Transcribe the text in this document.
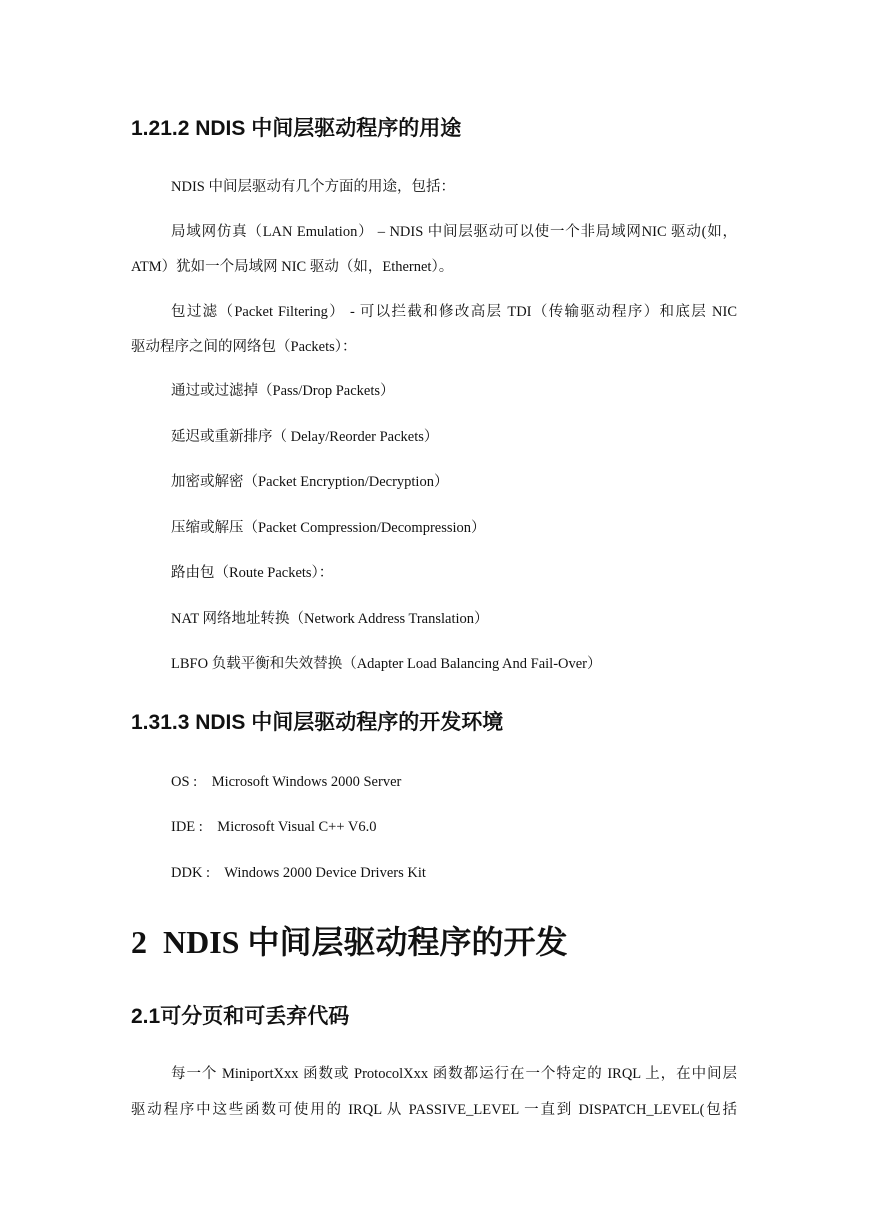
1.21.2 NDIS 中间层驱动程序的用途

NDIS 中间层驱动有几个方面的用途，包括：

局域网仿真（LAN Emulation） – NDIS 中间层驱动可以使一个非局域网NIC 驱动(如，

ATM）犹如一个局域网 NIC 驱动（如，Ethernet）。

包过滤（Packet Filtering） - 可以拦截和修改高层 TDI（传输驱动程序）和底层 NIC

驱动程序之间的网络包（Packets）：

通过或过滤掉（Pass/Drop Packets）

延迟或重新排序（ Delay/Reorder Packets）

加密或解密（Packet Encryption/Decryption）

压缩或解压（Packet Compression/Decompression）

路由包（Route Packets）：

NAT 网络地址转换（Network Address Translation）

LBFO 负载平衡和失效替换（Adapter Load Balancing And Fail-Over）

1.31.3 NDIS 中间层驱动程序的开发环境

OS :    Microsoft Windows 2000 Server

IDE :    Microsoft Visual C++ V6.0

DDK :    Windows 2000 Device Drivers Kit

2  NDIS 中间层驱动程序的开发
2.1可分页和可丢弃代码

每一个 MiniportXxx 函数或 ProtocolXxx 函数都运行在一个特定的 IRQL 上，在中间层

驱动程序中这些函数可使用的 IRQL 从 PASSIVE_LEVEL 一直到 DISPATCH_LEVEL(包括
